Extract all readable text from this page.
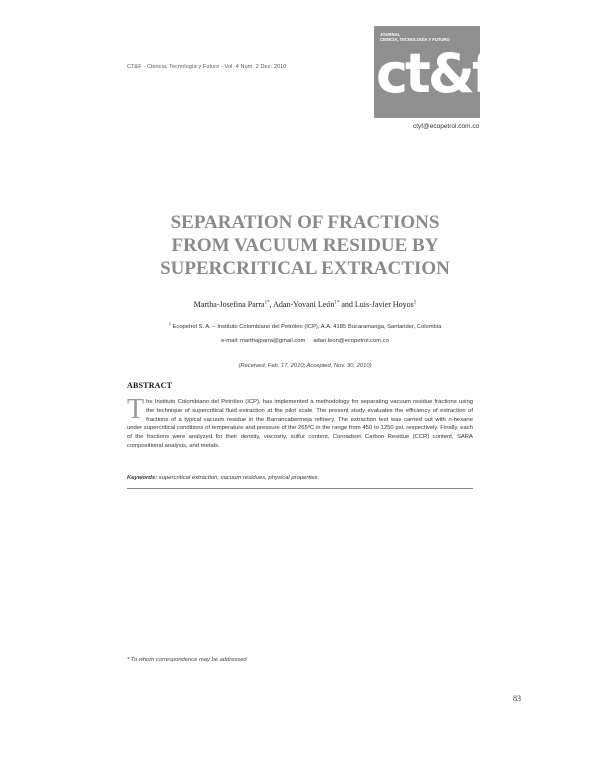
CT&F - Ciencia, Tecnología y Futuro - Vol. 4 Num. 2 Dec. 2010
JOURNAL
CIENCIA, TECNOLOGÍA Y FUTURO
ct&f
ctyf@ecopetrol.com.co
SEPARATION OF FRACTIONS
FROM VACUUM RESIDUE BY
SUPERCRITICAL EXTRACTION
Martha-Josefina Parra$^{1*}$, Adan-Yovani León$^{1*}$ and Luis-Javier Hoyos$^1$
$^1$ Ecopetrol S. A. – Instituto Colombiano del Petróleo (ICP), A.A. 4185 Bucaramanga, Santander, Colombia
e-mail: marthajparra@gmail.com adan.leon@ecopetrol.com.co
(Received, Feb. 17, 2010; Accepted, Nov. 30, 2010)
ABSTRACT
The Instituto Colombiano del Petróleo (ICP), has implemented a methodology for separating vacuum residue fractions using the technique of supercritical fluid extraction at the pilot scale. The present study evaluates the efficiency of extraction of fractions of a typical vacuum residue in the Barrancabermeja refinery. The extraction test was carried out with n-hexane under supercritical conditions of temperature and pressure of the 265ºC in the range from 450 to 1250 psi, respectively. Finally, each of the fractions were analyzed for their density, viscosity, sulfur content, Conradson Carbon Residue (CCR) content, SARA compositional analysis, and metals.
Keywords: supercritical extraction, vacuum residues, physical properties.
* To whom correspondence may be addressed
83
